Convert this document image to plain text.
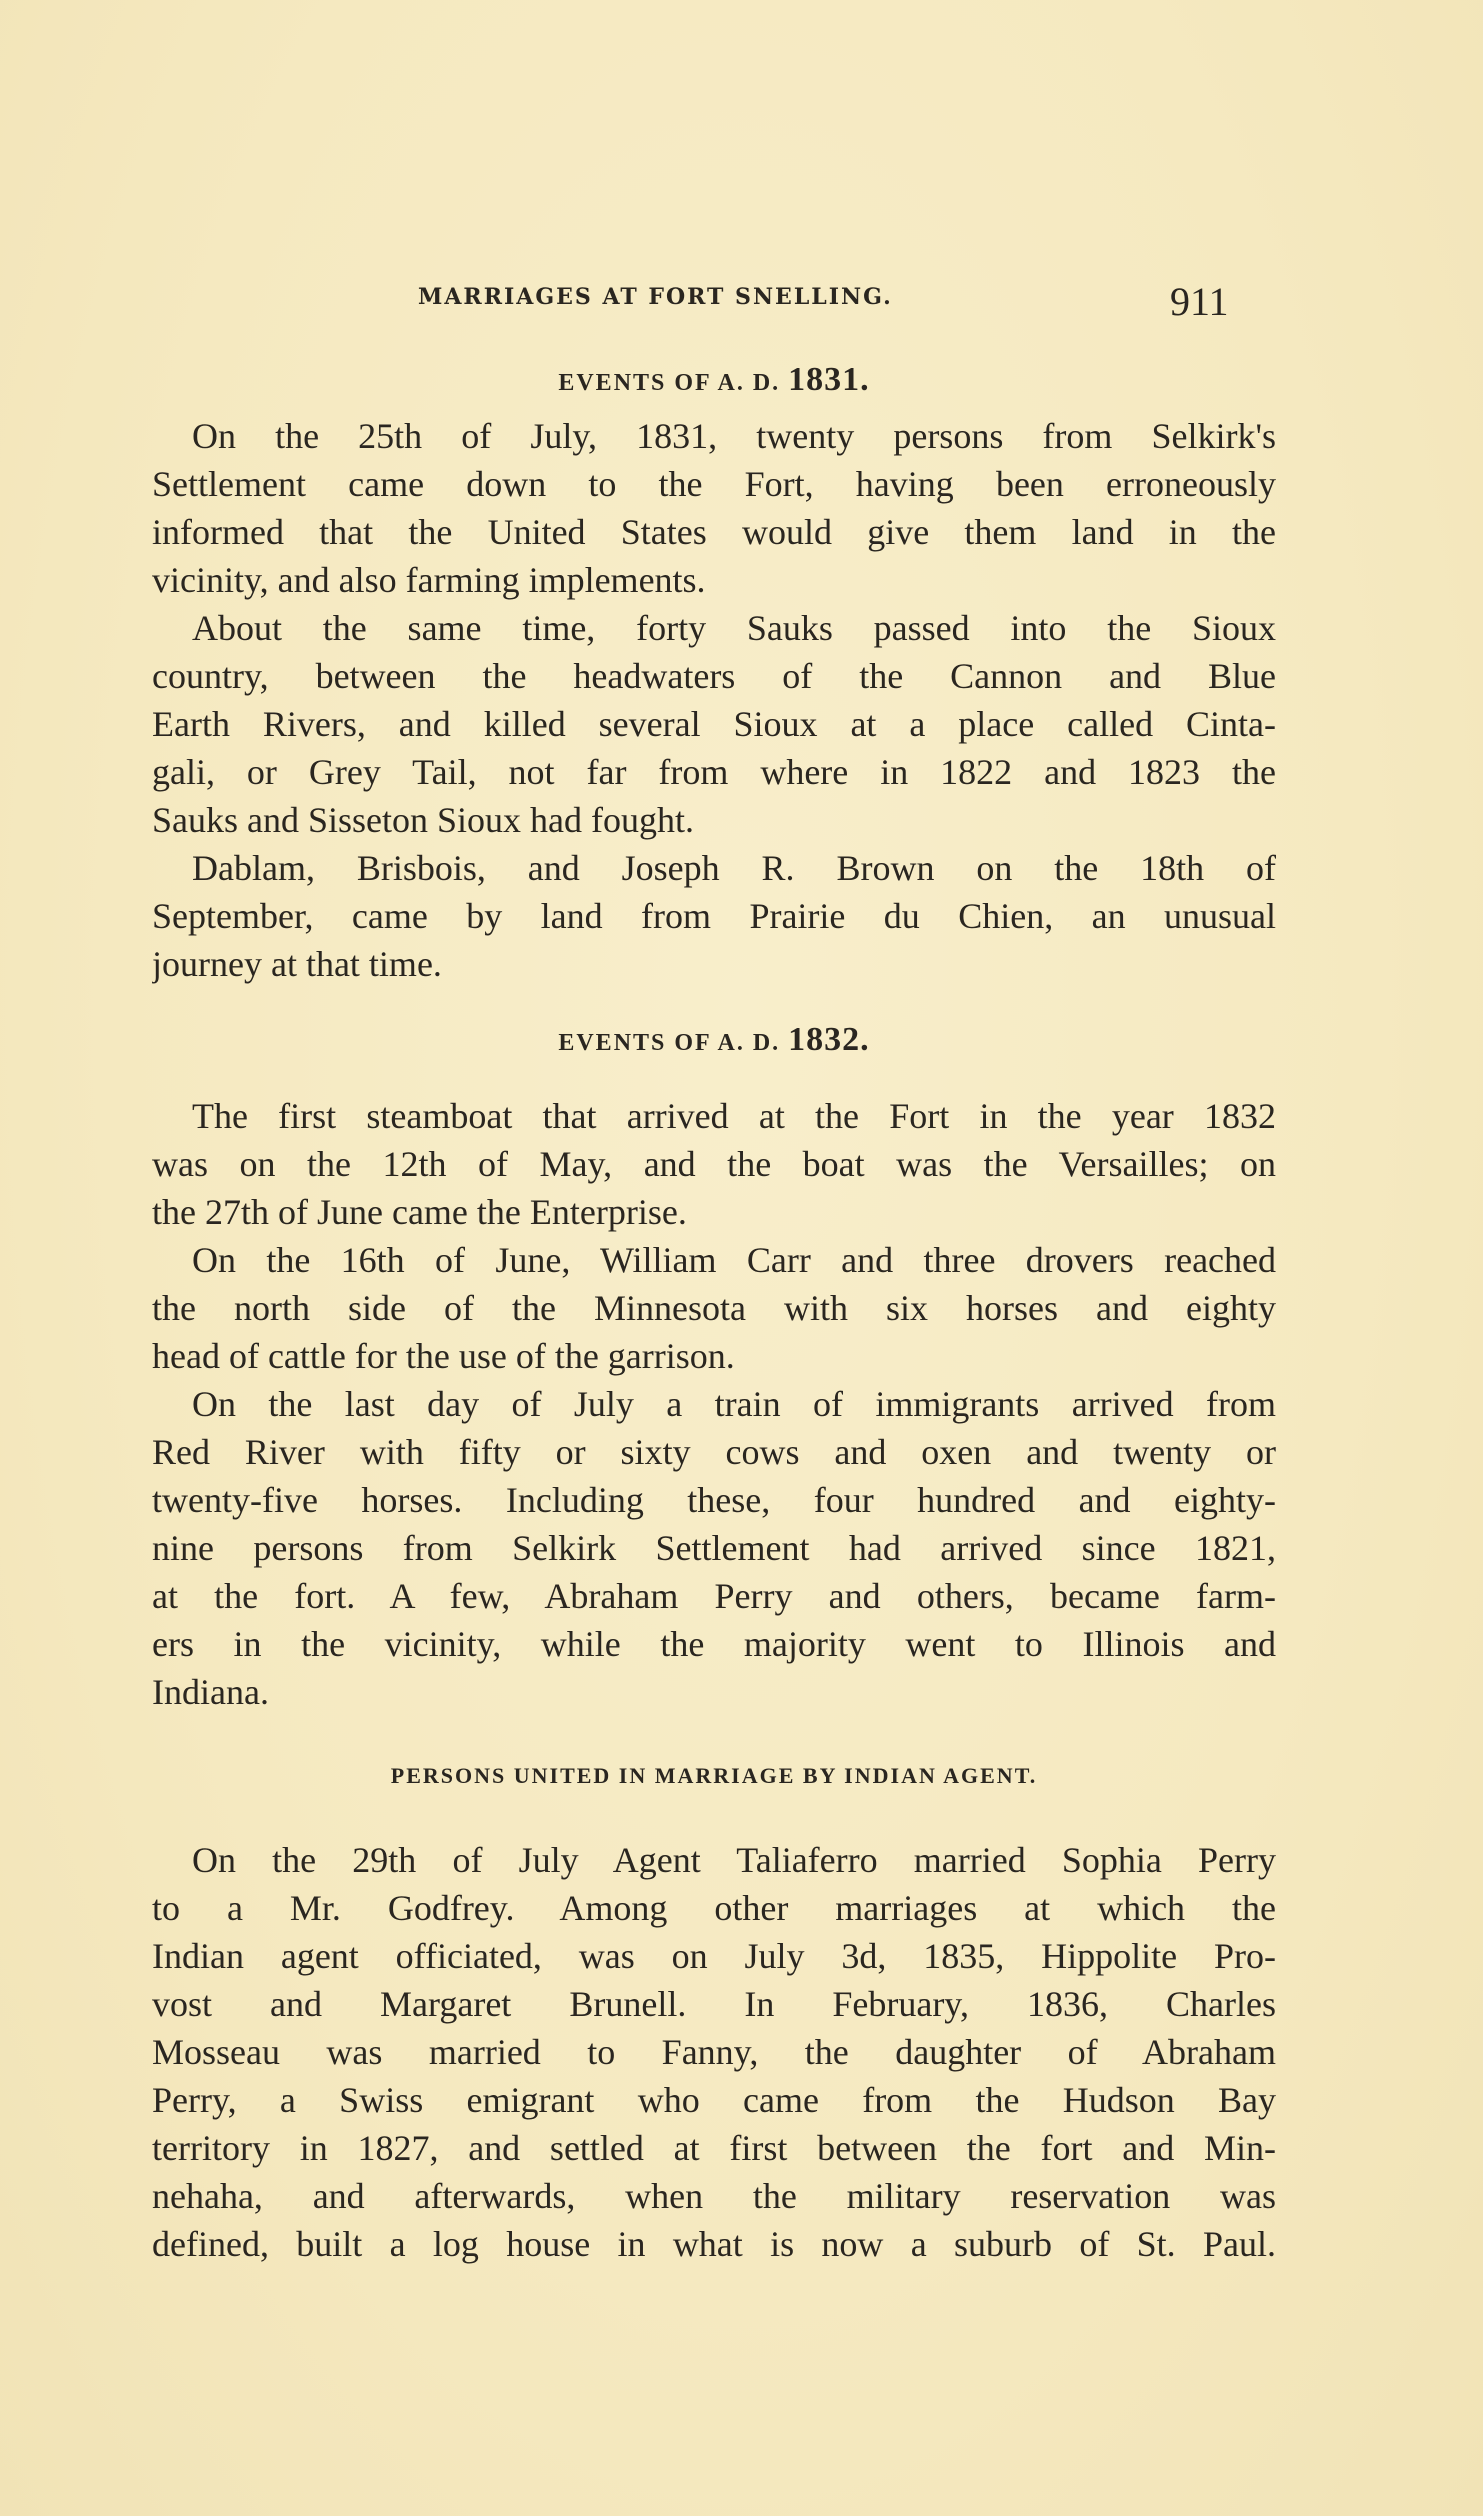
MARRIAGES AT FORT SNELLING.	911
EVENTS OF A. D. 1831.

On the 25th of July, 1831, twenty persons from Selkirk's
Settlement came down to the Fort, having been erroneously
informed that the United States would give them land in the
vicinity, and also farming implements.

About the same time, forty Sauks passed into the Sioux
country, between the headwaters of the Cannon and Blue
Earth Rivers, and killed several Sioux at a place called Cinta-
gali, or Grey Tail, not far from where in 1822 and 1823 the
Sauks and Sisseton Sioux had fought.

Dablam, Brisbois, and Joseph R. Brown on the 18th of
September, came by land from Prairie du Chien, an unusual
journey at that time.

EVENTS OF A. D. 1832.

The first steamboat that arrived at the Fort in the year 1832
was on the 12th of May, and the boat was the Versailles; on
the 27th of June came the Enterprise.

On the 16th of June, William Carr and three drovers reached
the north side of the Minnesota with six horses and eighty
head of cattle for the use of the garrison.

On the last day of July a train of immigrants arrived from
Red River with fifty or sixty cows and oxen and twenty or
twenty-five horses. Including these, four hundred and eighty-
nine persons from Selkirk Settlement had arrived since 1821,
at the fort. A few, Abraham Perry and others, became farm-
ers in the vicinity, while the majority went to Illinois and
Indiana.

PERSONS UNITED IN MARRIAGE BY INDIAN AGENT.

On the 29th of July Agent Taliaferro married Sophia Perry
to a Mr. Godfrey. Among other marriages at which the
Indian agent officiated, was on July 3d, 1835, Hippolite Pro-
vost and Margaret Brunell. In February, 1836, Charles
Mosseau was married to Fanny, the daughter of Abraham
Perry, a Swiss emigrant who came from the Hudson Bay
territory in 1827, and settled at first between the fort and Min-
nehaha, and afterwards, when the military reservation was
defined, built a log house in what is now a suburb of St. Paul.
